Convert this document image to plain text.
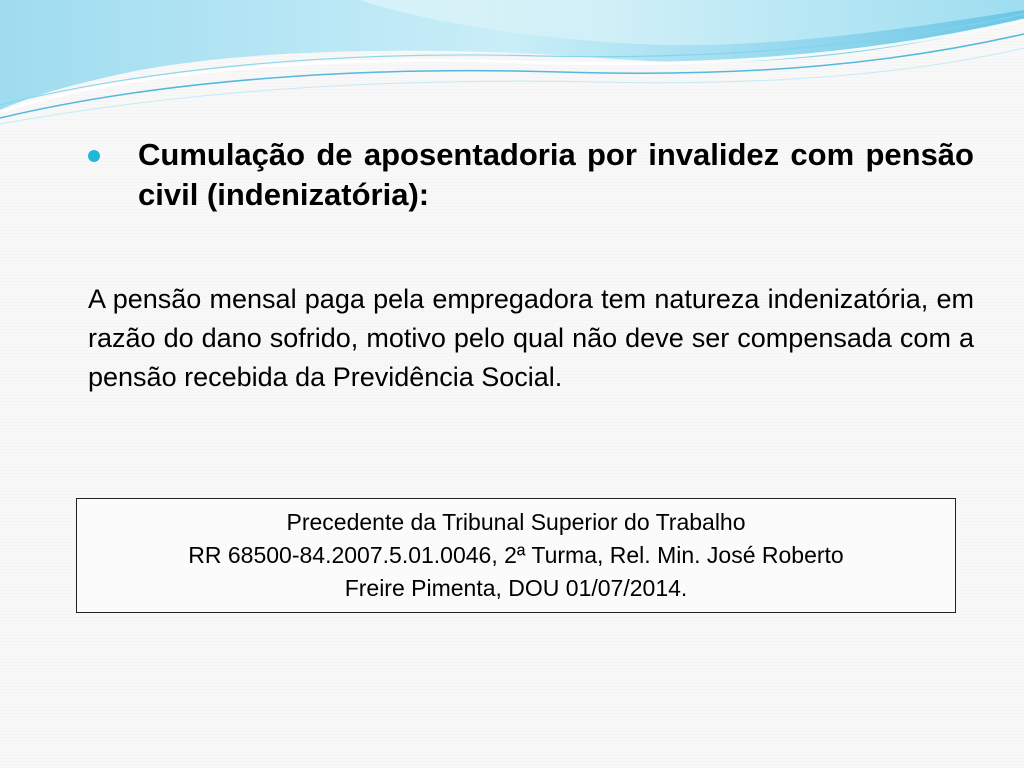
Cumulação de aposentadoria por invalidez com pensão civil (indenizatória):
A pensão mensal paga pela empregadora tem natureza indenizatória, em razão do dano sofrido, motivo pelo qual não deve ser compensada com a pensão recebida da Previdência Social.
Precedente da Tribunal Superior do Trabalho
RR 68500-84.2007.5.01.0046, 2ª Turma, Rel. Min. José Roberto
Freire Pimenta, DOU 01/07/2014.
